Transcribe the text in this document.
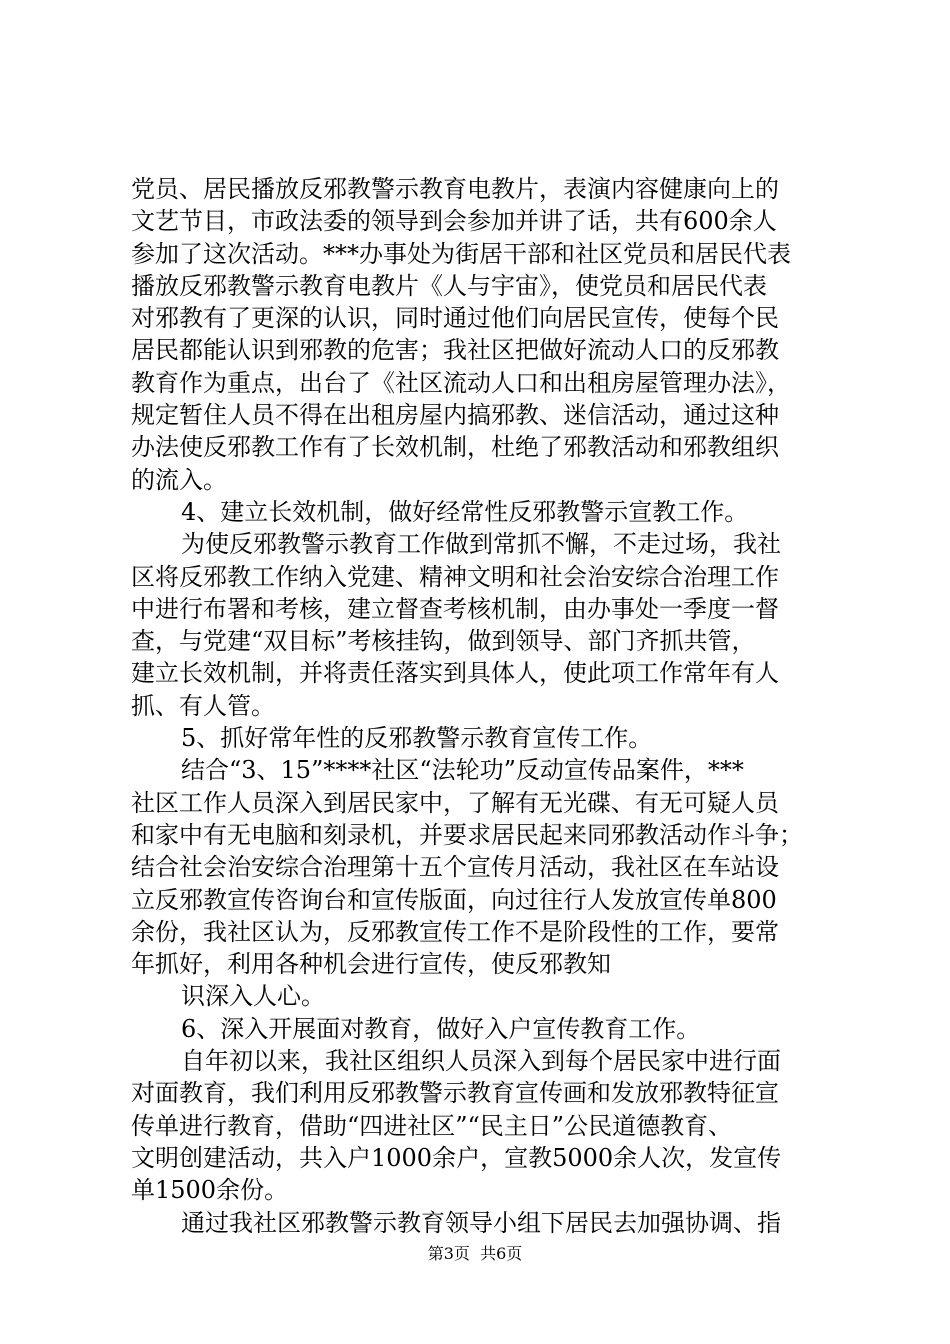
党员、居民播放反邪教警示教育电教片，表演内容健康向上的
文艺节目，市政法委的领导到会参加并讲了话，共有600余人
参加了这次活动。***办事处为街居干部和社区党员和居民代表
播放反邪教警示教育电教片《人与宇宙》，使党员和居民代表
对邪教有了更深的认识，同时通过他们向居民宣传，使每个民
居民都能认识到邪教的危害；我社区把做好流动人口的反邪教
教育作为重点，出台了《社区流动人口和出租房屋管理办法》，
规定暂住人员不得在出租房屋内搞邪教、迷信活动，通过这种
办法使反邪教工作有了长效机制，杜绝了邪教活动和邪教组织
的流入。
4、建立长效机制，做好经常性反邪教警示宣教工作。
为使反邪教警示教育工作做到常抓不懈，不走过场，我社
区将反邪教工作纳入党建、精神文明和社会治安综合治理工作
中进行布署和考核，建立督查考核机制，由办事处一季度一督
查，与党建“双目标”考核挂钩，做到领导、部门齐抓共管，
建立长效机制，并将责任落实到具体人，使此项工作常年有人
抓、有人管。
5、抓好常年性的反邪教警示教育宣传工作。
结合“3、15”****社区“法轮功”反动宣传品案件，***
社区工作人员深入到居民家中，了解有无光碟、有无可疑人员
和家中有无电脑和刻录机，并要求居民起来同邪教活动作斗争；
结合社会治安综合治理第十五个宣传月活动，我社区在车站设
立反邪教宣传咨询台和宣传版面，向过往行人发放宣传单800
余份，我社区认为，反邪教宣传工作不是阶段性的工作，要常
年抓好，利用各种机会进行宣传，使反邪教知
识深入人心。
6、深入开展面对教育，做好入户宣传教育工作。
自年初以来，我社区组织人员深入到每个居民家中进行面
对面教育，我们利用反邪教警示教育宣传画和发放邪教特征宣
传单进行教育，借助“四进社区”“民主日”公民道德教育、
文明创建活动，共入户1000余户，宣教5000余人次，发宣传
单1500余份。
通过我社区邪教警示教育领导小组下居民去加强协调、指
第3页  共6页
